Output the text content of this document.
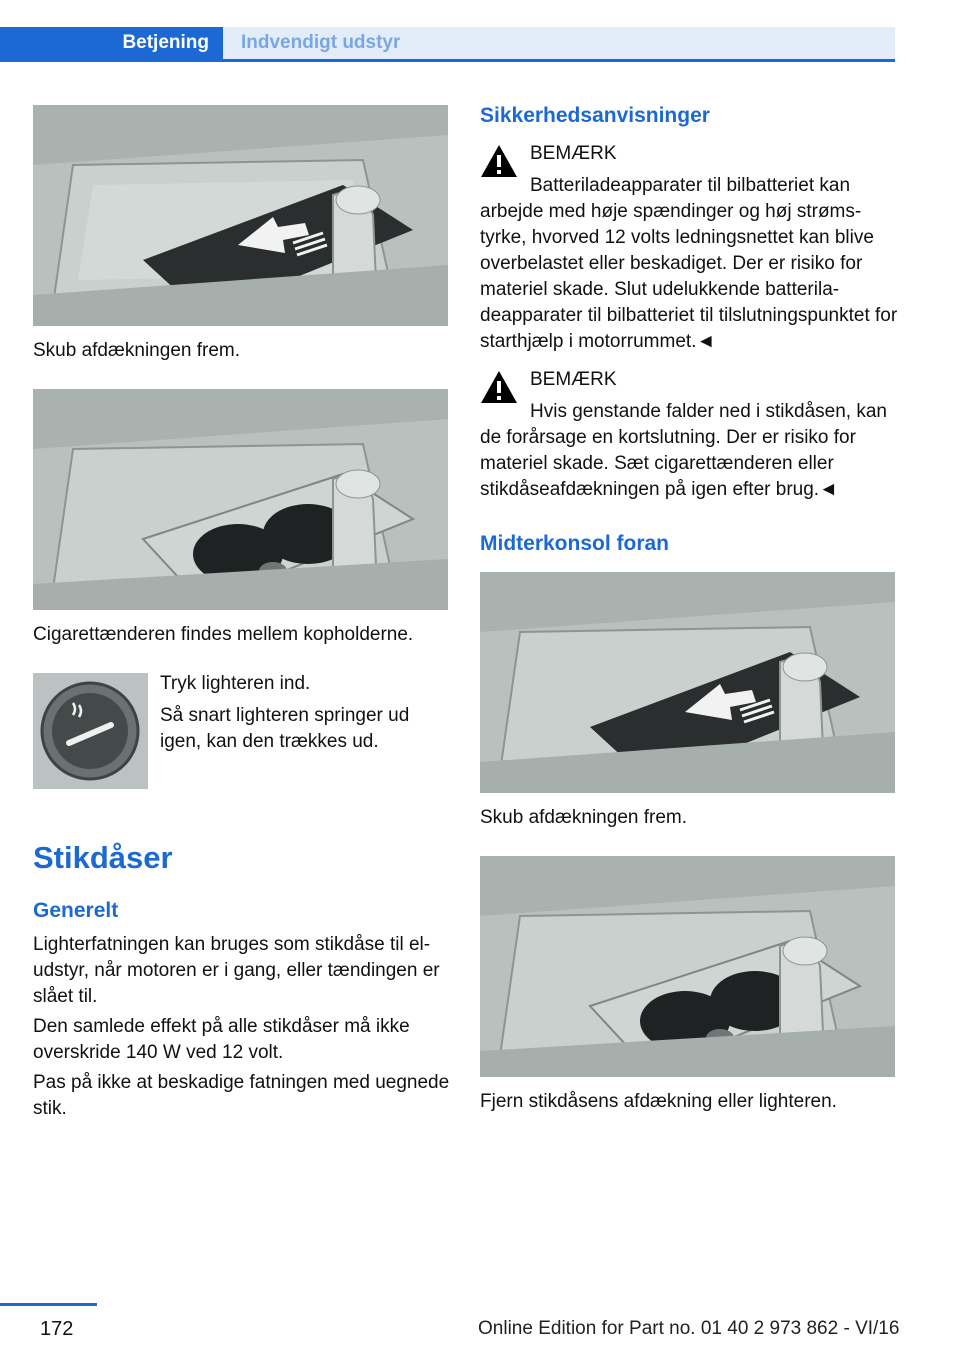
Betjening	Indvendigt udstyr

Skub afdækningen frem.

Cigarettænderen findes mellem kopholderne.

Tryk lighteren ind.

Så snart lighteren springer ud igen, kan den trækkes ud.

Stikdåser
Generelt

Lighterfatningen kan bruges som stikdåse til el-udstyr, når motoren er i gang, eller tændingen er slået til.

Den samlede effekt på alle stikdåser må ikke overskride 140 W ved 12 volt.

Pas på ikke at beskadige fatningen med uegnede stik.

Sikkerhedsanvisninger

BEMÆRK

Batteriladeapparater til bilbatteriet kan arbejde med høje spændinger og høj strømstyrke, hvorved 12 volts ledningsnettet kan blive overbelastet eller beskadiget. Der er risiko for materiel skade. Slut udelukkende batteriladeapparater til bilbatteriet til tilslutningspunktet for starthjælp i motorrummet.◄

BEMÆRK

Hvis genstande falder ned i stikdåsen, kan de forårsage en kortslutning. Der er risiko for materiel skade. Sæt cigarettænderen eller stikdåseafdækningen på igen efter brug.◄

Midterkonsol foran

Skub afdækningen frem.

Fjern stikdåsens afdækning eller lighteren.

172	Online Edition for Part no. 01 40 2 973 862 - VI/16
